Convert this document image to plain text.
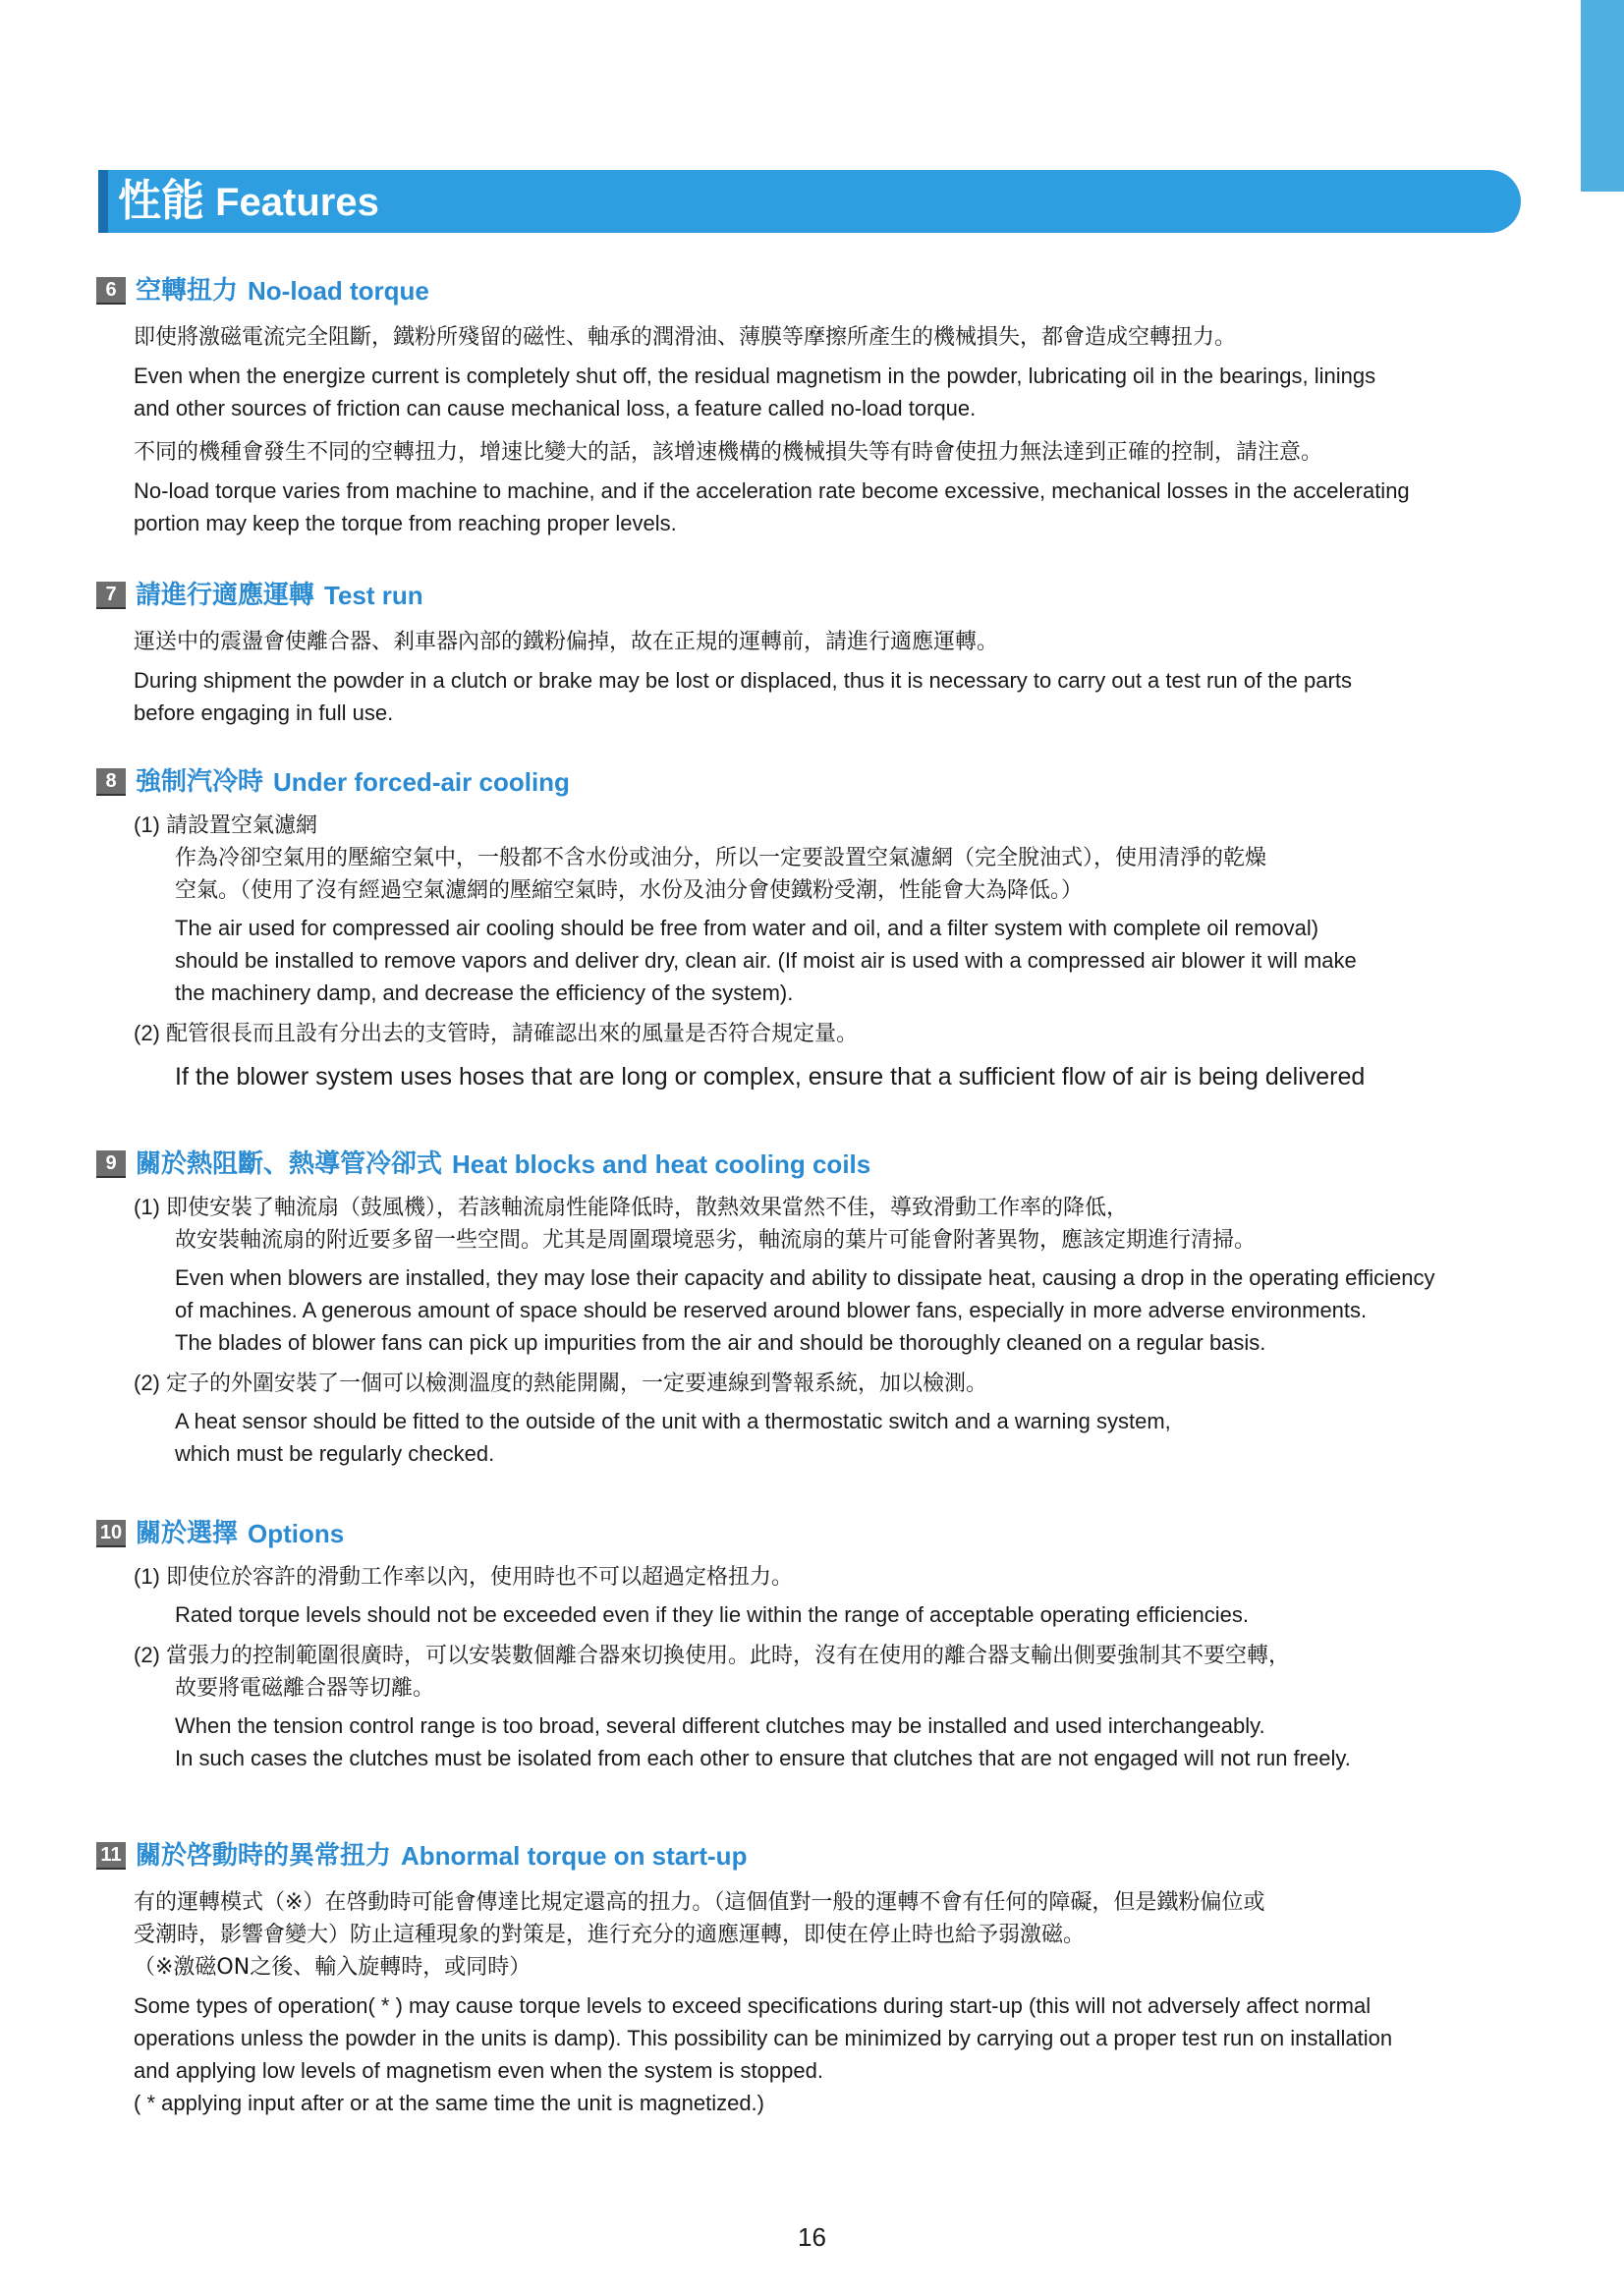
性能 Features
6 空轉扭力 No-load torque
即使將激磁電流完全阻斷，鐵粉所殘留的磁性、軸承的潤滑油、薄膜等摩擦所產生的機械損失，都會造成空轉扭力。
Even when the energize current is completely shut off, the residual magnetism in the powder, lubricating oil in the bearings, linings
and other sources of friction can cause mechanical loss, a feature called no-load torque.
不同的機種會發生不同的空轉扭力，增速比變大的話，該增速機構的機械損失等有時會使扭力無法達到正確的控制，請注意。
No-load torque varies from machine to machine, and if the acceleration rate become excessive, mechanical losses in the accelerating
portion may keep the torque from reaching proper levels.
7 請進行適應運轉 Test run
運送中的震盪會使離合器、剎車器內部的鐵粉偏掉，故在正規的運轉前，請進行適應運轉。
During shipment the powder in a clutch or brake may be lost or displaced, thus it is necessary to carry out a test run of the parts
before engaging in full use.
8 強制汽冷時 Under forced-air cooling
(1) 請設置空氣濾網
作為冷卻空氣用的壓縮空氣中，一般都不含水份或油分，所以一定要設置空氣濾網（完全脫油式），使用清淨的乾燥
空氣。（使用了沒有經過空氣濾網的壓縮空氣時，水份及油分會使鐵粉受潮，性能會大為降低。）
The air used for compressed air cooling should be free from water and oil, and a filter system with complete oil removal)
should be installed to remove vapors and deliver dry, clean air. (If moist air is used with a compressed air blower it will make
the machinery damp, and decrease the efficiency of the system).
(2) 配管很長而且設有分出去的支管時，請確認出來的風量是否符合規定量。
If the blower system uses hoses that are long or complex, ensure that a sufficient flow of air is being delivered
9 關於熱阻斷、熱導管冷卻式 Heat blocks and heat cooling coils
(1) 即使安裝了軸流扇（鼓風機），若該軸流扇性能降低時，散熱效果當然不佳，導致滑動工作率的降低，
故安裝軸流扇的附近要多留一些空間。尤其是周圍環境惡劣，軸流扇的葉片可能會附著異物，應該定期進行清掃。
Even when blowers are installed, they may lose their capacity and ability to dissipate heat, causing a drop in the operating efficiency
of machines. A generous amount of space should be reserved around blower fans, especially in more adverse environments.
The blades of blower fans can pick up impurities from the air and should be thoroughly cleaned on a regular basis.
(2) 定子的外圍安裝了一個可以檢測溫度的熱能開關，一定要連線到警報系統，加以檢測。
A heat sensor should be fitted to the outside of the unit with a thermostatic switch and a warning system,
which must be regularly checked.
10 關於選擇 Options
(1) 即使位於容許的滑動工作率以內，使用時也不可以超過定格扭力。
Rated torque levels should not be exceeded even if they lie within the range of acceptable operating efficiencies.
(2) 當張力的控制範圍很廣時，可以安裝數個離合器來切換使用。此時，沒有在使用的離合器支輸出側要強制其不要空轉，
故要將電磁離合器等切離。
When the tension control range is too broad, several different clutches may be installed and used interchangeably.
In such cases the clutches must be isolated from each other to ensure that clutches that are not engaged will not run freely.
11 關於啓動時的異常扭力 Abnormal torque on start-up
有的運轉模式（※）在啓動時可能會傳達比規定還高的扭力。（這個值對一般的運轉不會有任何的障礙，但是鐵粉偏位或
受潮時，影響會變大）防止這種現象的對策是，進行充分的適應運轉，即使在停止時也給予弱激磁。
（※激磁ON之後、輸入旋轉時，或同時）
Some types of operation( * ) may cause torque levels to exceed specifications during start-up (this will not adversely affect normal
operations unless the powder in the units is damp). This possibility can be minimized by carrying out a proper test run on installation
and applying low levels of magnetism even when the system is stopped.
( * applying input after or at the same time the unit is magnetized.)
16
